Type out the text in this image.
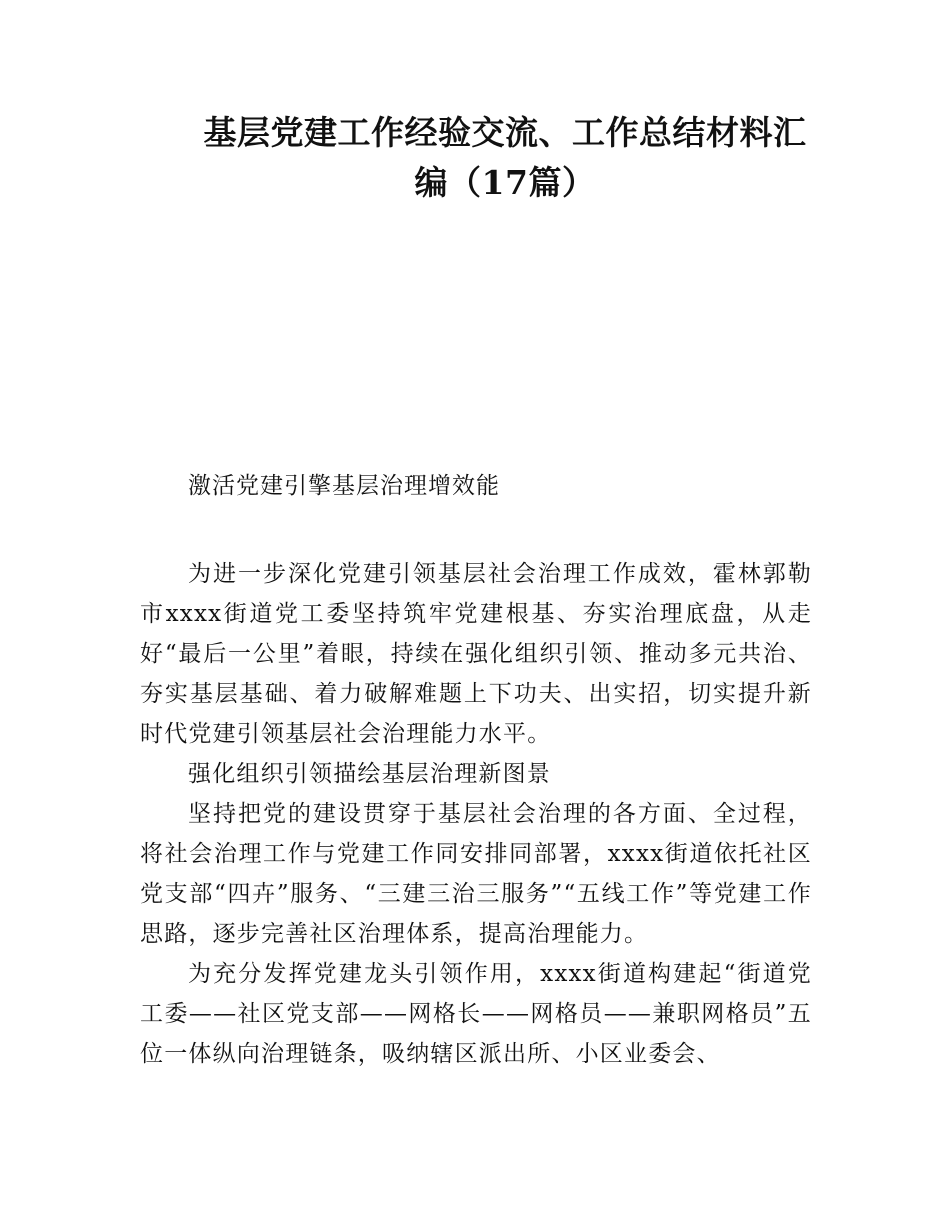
基层党建工作经验交流、工作总结材料汇
编（17篇）

激活党建引擎基层治理增效能

为进一步深化党建引领基层社会治理工作成效，霍林郭勒市xxxx街道党工委坚持筑牢党建根基、夯实治理底盘，从走好“最后一公里”着眼，持续在强化组织引领、推动多元共治、夯实基层基础、着力破解难题上下功夫、出实招，切实提升新时代党建引领基层社会治理能力水平。

强化组织引领描绘基层治理新图景

坚持把党的建设贯穿于基层社会治理的各方面、全过程，将社会治理工作与党建工作同安排同部署，xxxx街道依托社区党支部“四卉”服务、“三建三治三服务”“五线工作”等党建工作思路，逐步完善社区治理体系，提高治理能力。

为充分发挥党建龙头引领作用，xxxx街道构建起“街道党工委——社区党支部——网格长——网格员——兼职网格员”五位一体纵向治理链条，吸纳辖区派出所、小区业委会、
